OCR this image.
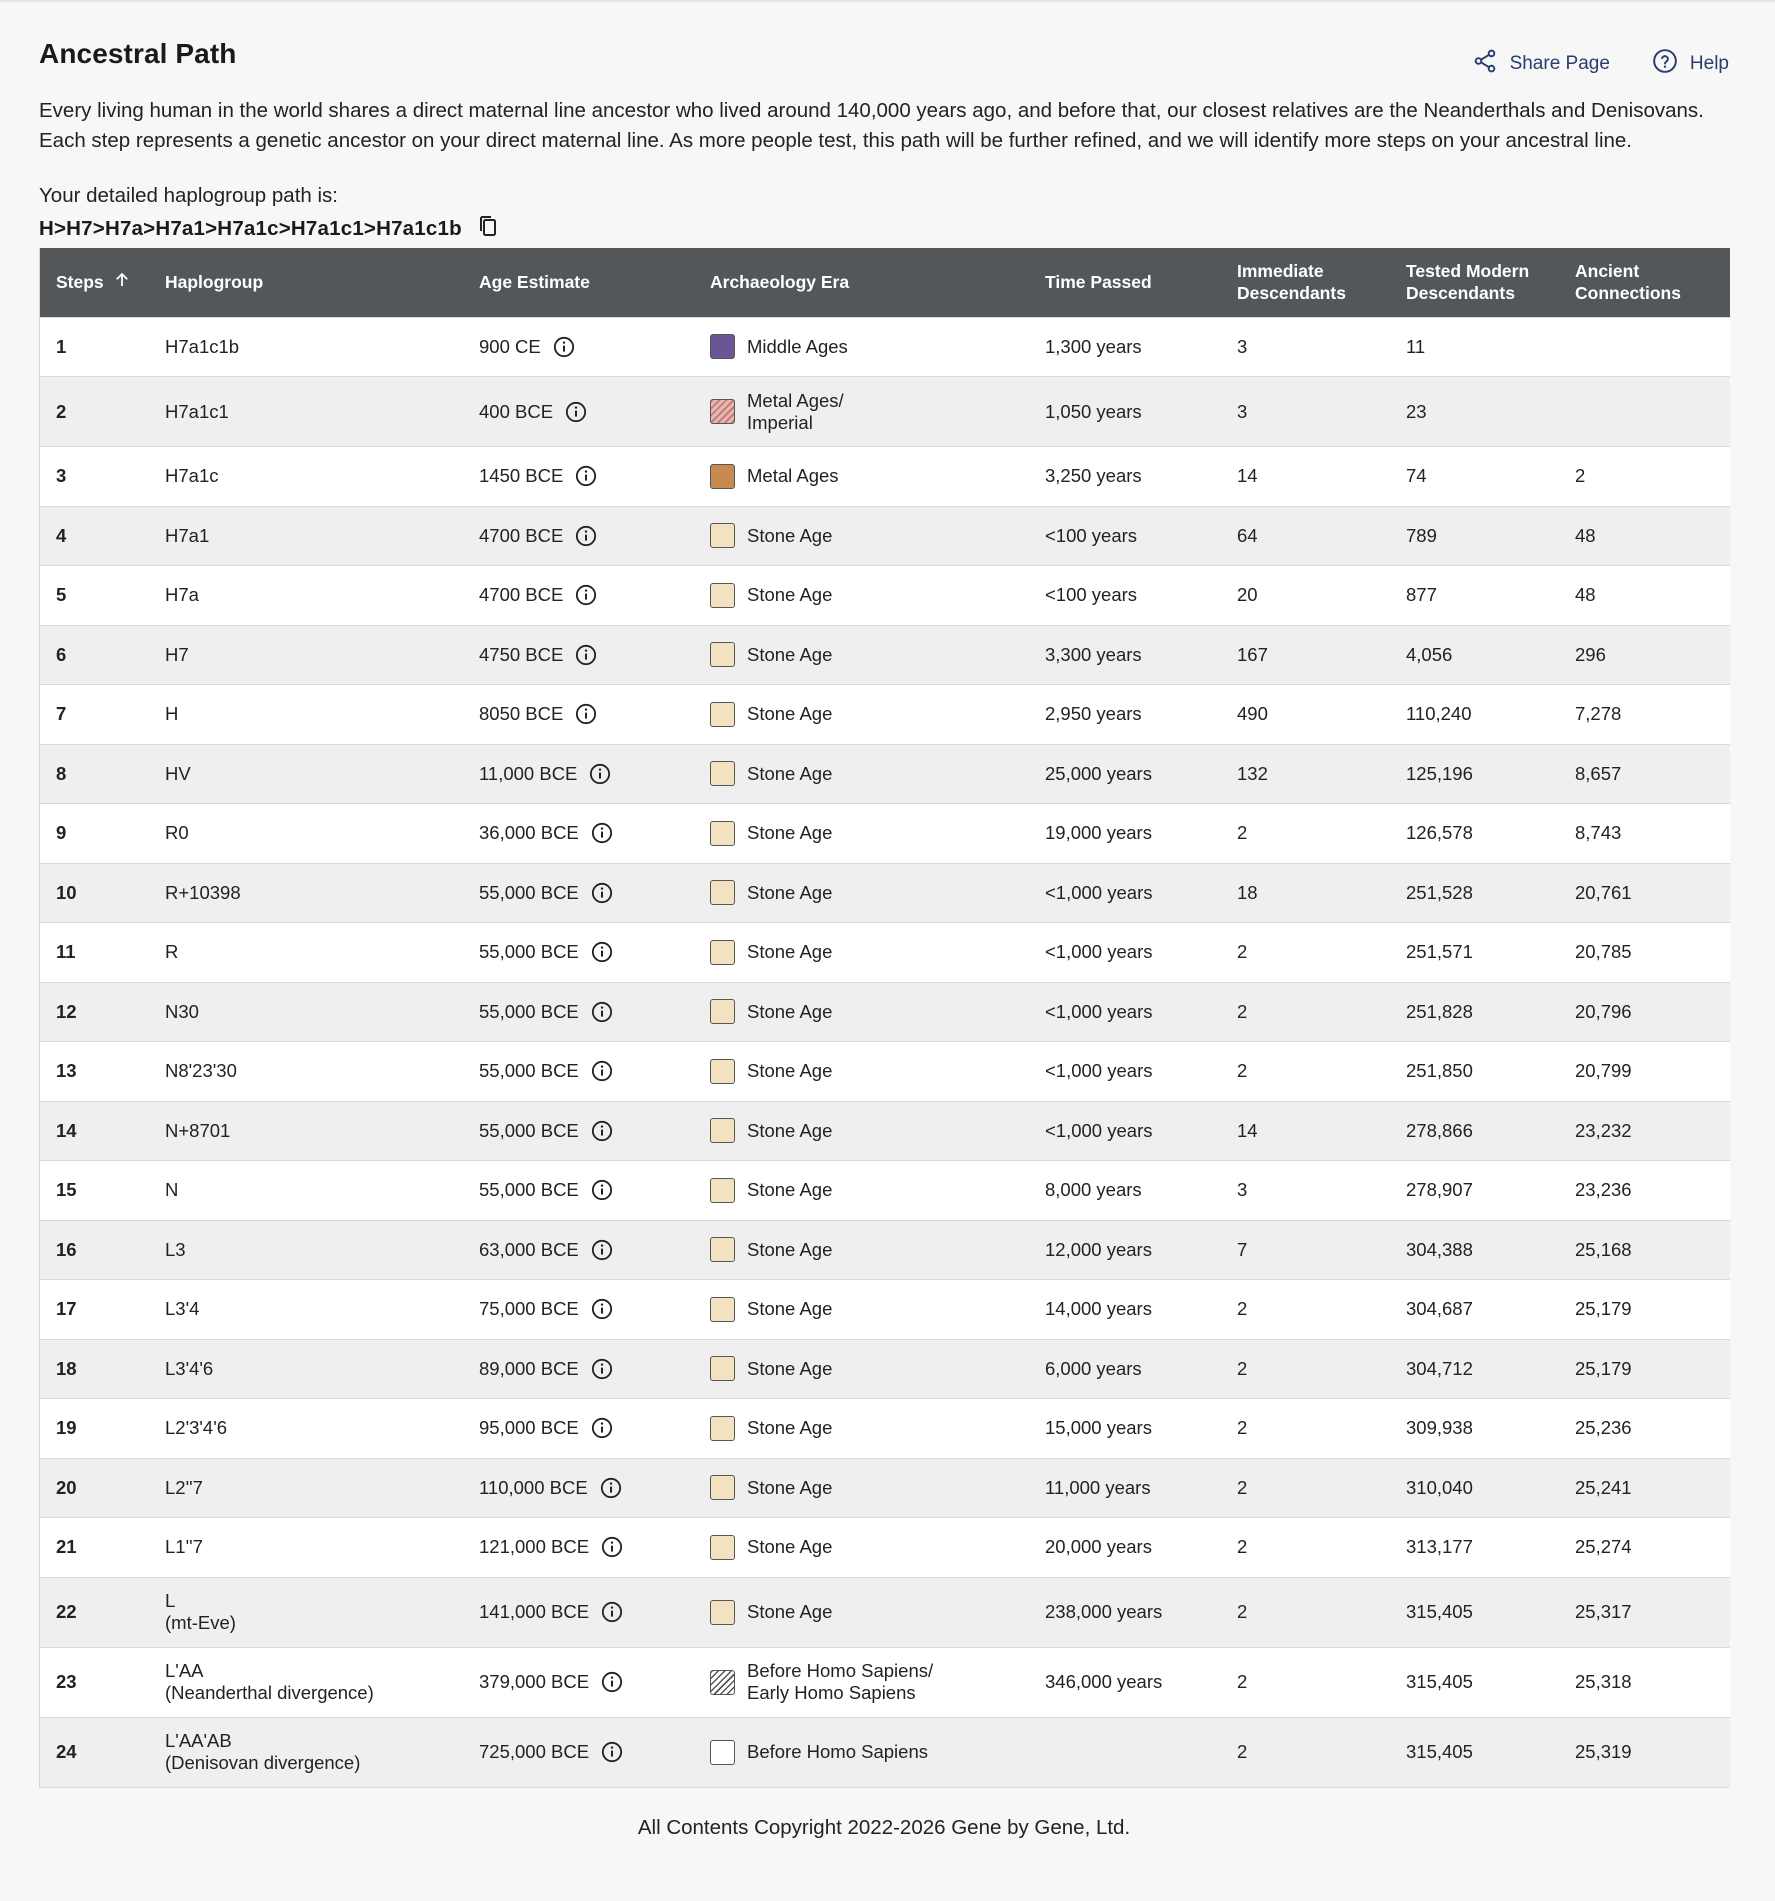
Ancestral Path	Share Page	Help
Every living human in the world shares a direct maternal line ancestor who lived around 140,000 years ago, and before that, our closest relatives are the Neanderthals and Denisovans.
Each step represents a genetic ancestor on your direct maternal line. As more people test, this path will be further refined, and we will identify more steps on your ancestral line.
Your detailed haplogroup path is:
H>H7>H7a>H7a1>H7a1c>H7a1c1>H7a1c1b
Steps	Haplogroup	Age Estimate	Archaeology Era	Time Passed	Immediate Descendants	Tested Modern Descendants	Ancient Connections
1	H7a1c1b	900 CE	Middle Ages	1,300 years	3	11	
2	H7a1c1	400 BCE	Metal Ages/
Imperial	1,050 years	3	23	
3	H7a1c	1450 BCE	Metal Ages	3,250 years	14	74	2
4	H7a1	4700 BCE	Stone Age	<100 years	64	789	48
5	H7a	4700 BCE	Stone Age	<100 years	20	877	48
6	H7	4750 BCE	Stone Age	3,300 years	167	4,056	296
7	H	8050 BCE	Stone Age	2,950 years	490	110,240	7,278
8	HV	11,000 BCE	Stone Age	25,000 years	132	125,196	8,657
9	R0	36,000 BCE	Stone Age	19,000 years	2	126,578	8,743
10	R+10398	55,000 BCE	Stone Age	<1,000 years	18	251,528	20,761
11	R	55,000 BCE	Stone Age	<1,000 years	2	251,571	20,785
12	N30	55,000 BCE	Stone Age	<1,000 years	2	251,828	20,796
13	N8'23'30	55,000 BCE	Stone Age	<1,000 years	2	251,850	20,799
14	N+8701	55,000 BCE	Stone Age	<1,000 years	14	278,866	23,232
15	N	55,000 BCE	Stone Age	8,000 years	3	278,907	23,236
16	L3	63,000 BCE	Stone Age	12,000 years	7	304,388	25,168
17	L3'4	75,000 BCE	Stone Age	14,000 years	2	304,687	25,179
18	L3'4'6	89,000 BCE	Stone Age	6,000 years	2	304,712	25,179
19	L2'3'4'6	95,000 BCE	Stone Age	15,000 years	2	309,938	25,236
20	L2''7	110,000 BCE	Stone Age	11,000 years	2	310,040	25,241
21	L1''7	121,000 BCE	Stone Age	20,000 years	2	313,177	25,274
22	L
(mt-Eve)	141,000 BCE	Stone Age	238,000 years	2	315,405	25,317
23	L'AA
(Neanderthal divergence)	379,000 BCE	Before Homo Sapiens/
Early Homo Sapiens	346,000 years	2	315,405	25,318
24	L'AA'AB
(Denisovan divergence)	725,000 BCE	Before Homo Sapiens		2	315,405	25,319
All Contents Copyright 2022-2026 Gene by Gene, Ltd.
